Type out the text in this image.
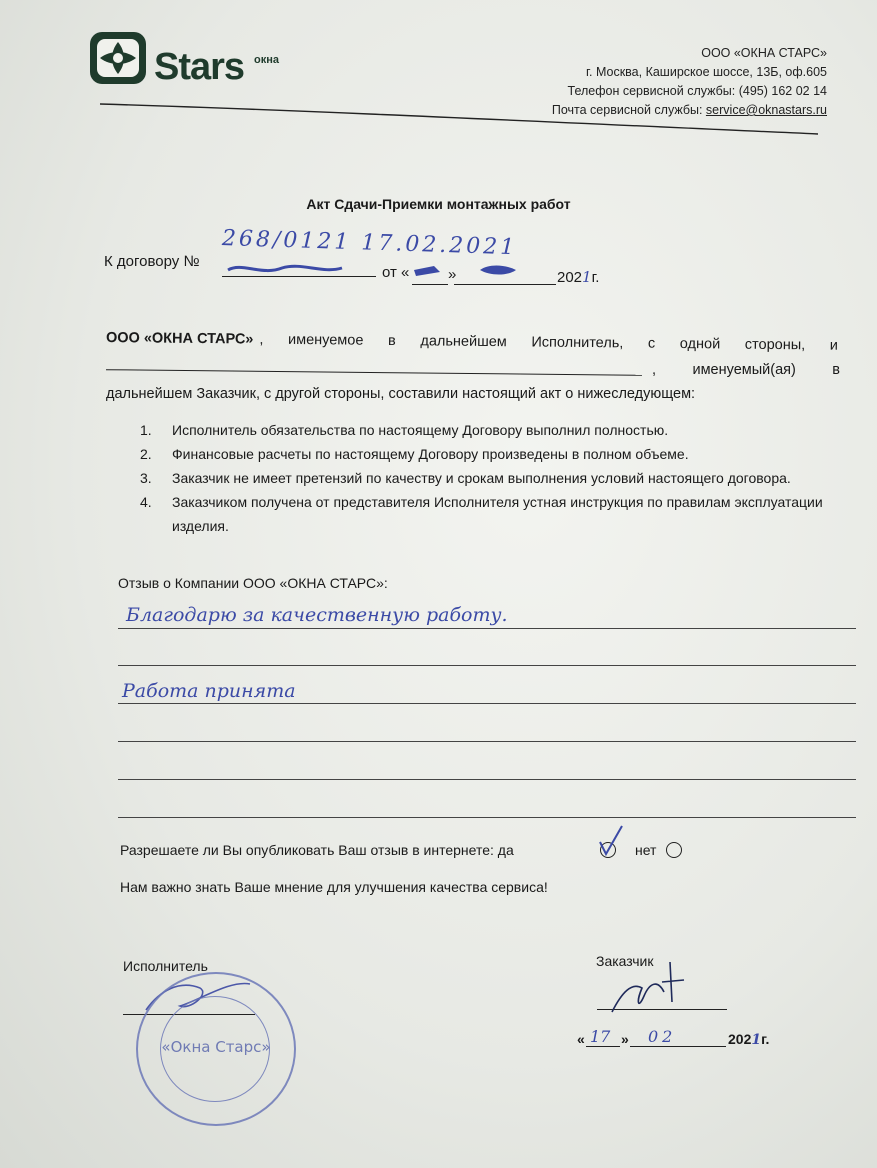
Stars окна	ООО «ОКНА СТАРС»
г. Москва, Каширское шоссе, 13Б, оф.605
Телефон сервисной службы: (495) 162 02 14
Почта сервисной службы: service@oknastars.ru
Акт Сдачи-Приемки монтажных работ
К договору №
от «	»	2021г.
268/0121 17.02.2021
ООО «ОКНА СТАРС» , именуемое в дальнейшем Исполнитель, с одной стороны, и
, именуемый(ая) в
дальнейшем Заказчик, с другой стороны, составили настоящий акт о нижеследующем:
1.	Исполнитель обязательства по настоящему Договору выполнил полностью.
2.	Финансовые расчеты по настоящему Договору произведены в полном объеме.
3.	Заказчик не имеет претензий по качеству и срокам выполнения условий настоящего договора.
4.	Заказчиком получена от представителя Исполнителя устная инструкция по правилам эксплуатации изделия.
Отзыв о Компании ООО «ОКНА СТАРС»:
Благодарю за качественную работу.
Работа принята
Разрешаете ли Вы опубликовать Ваш отзыв в интернете: да	нет
Нам важно знать Ваше мнение для улучшения качества сервиса!
Исполнитель
«Окна Старс»
Заказчик
« 17 » 02	2021г.
